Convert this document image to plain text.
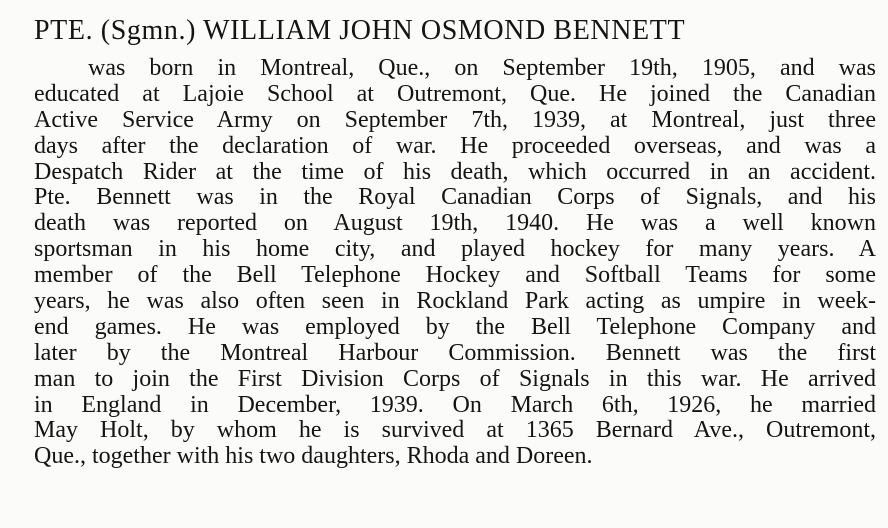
PTE. (Sgmn.) WILLIAM JOHN OSMOND BENNETT
was born in Montreal, Que., on September 19th, 1905, and was
educated at Lajoie School at Outremont, Que. He joined the Canadian
Active Service Army on September 7th, 1939, at Montreal, just three
days after the declaration of war. He proceeded overseas, and was a
Despatch Rider at the time of his death, which occurred in an accident.
Pte. Bennett was in the Royal Canadian Corps of Signals, and his
death was reported on August 19th, 1940. He was a well known
sportsman in his home city, and played hockey for many years. A
member of the Bell Telephone Hockey and Softball Teams for some
years, he was also often seen in Rockland Park acting as umpire in week-
end games. He was employed by the Bell Telephone Company and
later by the Montreal Harbour Commission. Bennett was the first
man to join the First Division Corps of Signals in this war. He arrived
in England in December, 1939. On March 6th, 1926, he married
May Holt, by whom he is survived at 1365 Bernard Ave., Outremont,
Que., together with his two daughters, Rhoda and Doreen.
